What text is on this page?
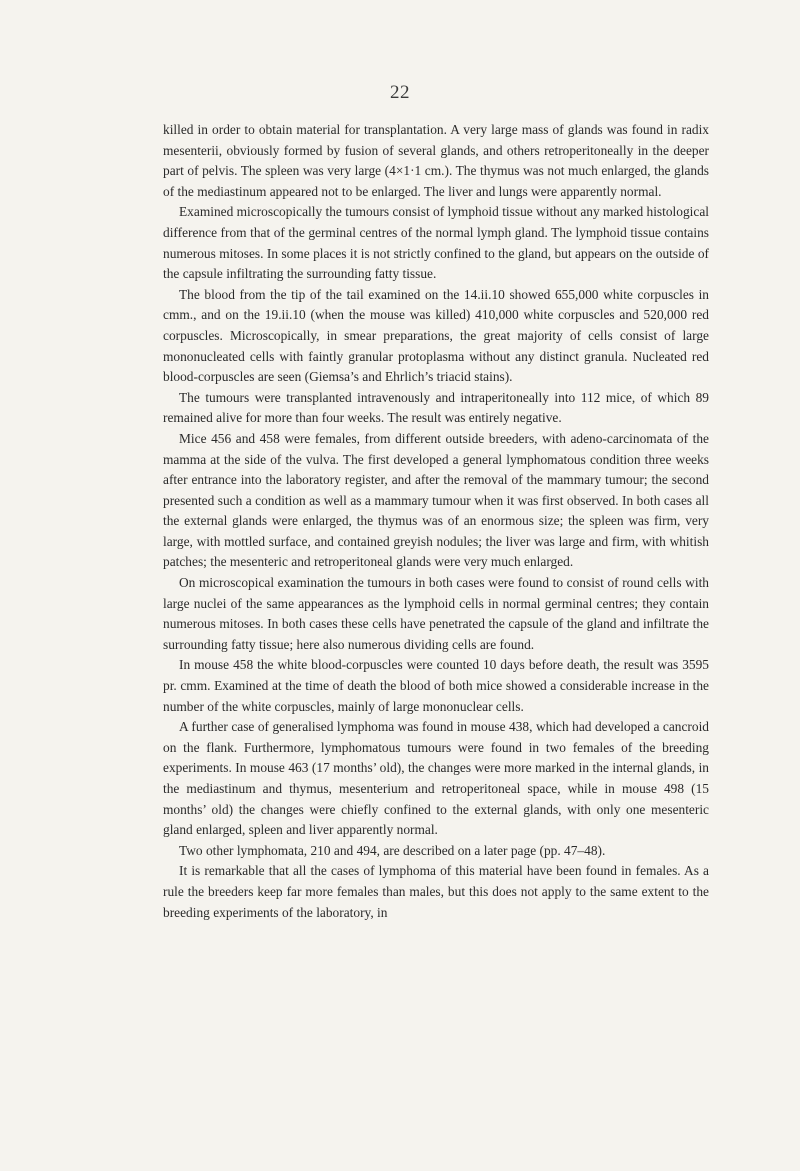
22

killed in order to obtain material for transplantation. A very large mass of glands was found in radix mesenterii, obviously formed by fusion of several glands, and others retroperitoneally in the deeper part of pelvis. The spleen was very large (4×1·1 cm.). The thymus was not much enlarged, the glands of the mediastinum appeared not to be enlarged. The liver and lungs were apparently normal.

Examined microscopically the tumours consist of lymphoid tissue without any marked histological difference from that of the germinal centres of the normal lymph gland. The lymphoid tissue contains numerous mitoses. In some places it is not strictly confined to the gland, but appears on the outside of the capsule infiltrating the surrounding fatty tissue.

The blood from the tip of the tail examined on the 14.ii.10 showed 655,000 white corpuscles in cmm., and on the 19.ii.10 (when the mouse was killed) 410,000 white corpuscles and 520,000 red corpuscles. Microscopically, in smear preparations, the great majority of cells consist of large mononucleated cells with faintly granular protoplasma without any distinct granula. Nucleated red blood-corpuscles are seen (Giemsa’s and Ehrlich’s triacid stains).

The tumours were transplanted intravenously and intraperitoneally into 112 mice, of which 89 remained alive for more than four weeks. The result was entirely negative.

Mice 456 and 458 were females, from different outside breeders, with adeno-carcinomata of the mamma at the side of the vulva. The first developed a general lymphomatous condition three weeks after entrance into the laboratory register, and after the removal of the mammary tumour; the second presented such a condition as well as a mammary tumour when it was first observed. In both cases all the external glands were enlarged, the thymus was of an enormous size; the spleen was firm, very large, with mottled surface, and contained greyish nodules; the liver was large and firm, with whitish patches; the mesenteric and retroperitoneal glands were very much enlarged.

On microscopical examination the tumours in both cases were found to consist of round cells with large nuclei of the same appearances as the lymphoid cells in normal germinal centres; they contain numerous mitoses. In both cases these cells have penetrated the capsule of the gland and infiltrate the surrounding fatty tissue; here also numerous dividing cells are found.

In mouse 458 the white blood-corpuscles were counted 10 days before death, the result was 3595 pr. cmm. Examined at the time of death the blood of both mice showed a considerable increase in the number of the white corpuscles, mainly of large mononuclear cells.

A further case of generalised lymphoma was found in mouse 438, which had developed a cancroid on the flank. Furthermore, lymphomatous tumours were found in two females of the breeding experiments. In mouse 463 (17 months’ old), the changes were more marked in the internal glands, in the mediastinum and thymus, mesenterium and retroperitoneal space, while in mouse 498 (15 months’ old) the changes were chiefly confined to the external glands, with only one mesenteric gland enlarged, spleen and liver apparently normal.

Two other lymphomata, 210 and 494, are described on a later page (pp. 47–48).

It is remarkable that all the cases of lymphoma of this material have been found in females. As a rule the breeders keep far more females than males, but this does not apply to the same extent to the breeding experiments of the laboratory, in
